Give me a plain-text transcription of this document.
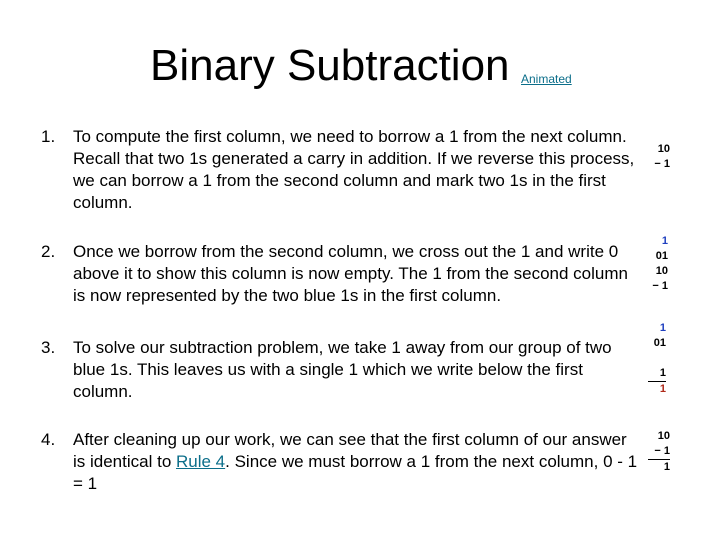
Binary Subtraction Animated
1.	To compute the first column, we need to borrow a 1 from the next column. Recall that two 1s generated a carry in addition. If we reverse this process, we can borrow a 1 from the second column and mark two 1s in the first column.
2.	Once we borrow from the second column, we cross out the 1 and write 0 above it to show this column is now empty. The 1 from the second column is now represented by the two blue 1s in the first column.
3.	To solve our subtraction problem, we take 1 away from our group of two blue 1s. This leaves us with a single 1 which we write below the first column.
4.	After cleaning up our work, we can see that the first column of our answer is identical to Rule 4. Since we must borrow a 1 from the next column, 0 - 1 = 1
10
− 1
1
01
10
− 1
1
01
1
1
10
− 1
1
